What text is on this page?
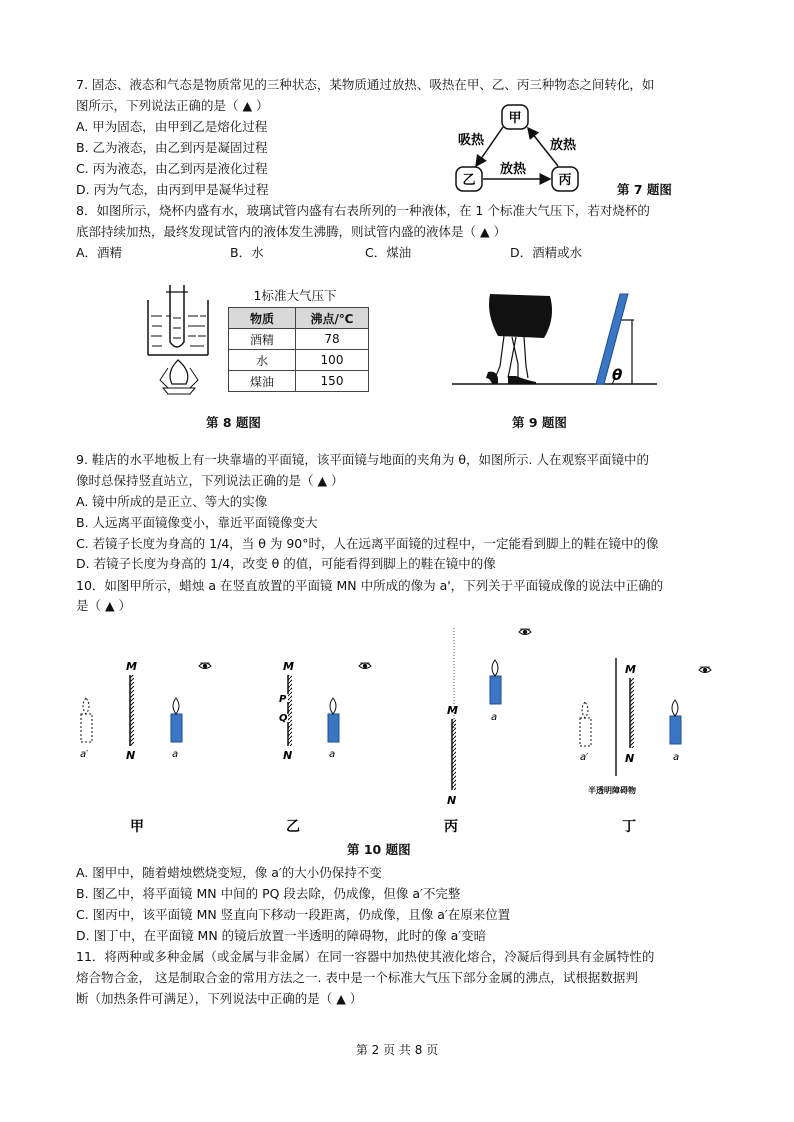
7. 固态、液态和气态是物质常见的三种状态，某物质通过放热、吸热在甲、乙、丙三种物态之间转化，如
图所示，下列说法正确的是（ ▲ ）
A. 甲为固态，由甲到乙是熔化过程
B. 乙为液态，由乙到丙是凝固过程
C. 丙为液态，由乙到丙是液化过程
D. 丙为气态，由丙到甲是凝华过程
甲
乙	丙
吸热	放热
放热
第 7 题图
8．如图所示，烧杯内盛有水，玻璃试管内盛有右表所列的一种液体，在 1 个标准大气压下，若对烧杯的
底部持续加热，最终发现试管内的液体发生沸腾，则试管内盛的液体是（ ▲ ）
A．酒精	B．水	C．煤油	D．酒精或水
1标准大气压下
物质	沸点/℃
酒精	78
水	100
煤油	150
第 8 题图
θ
第 9 题图
9. 鞋店的水平地板上有一块靠墙的平面镜，该平面镜与地面的夹角为 θ，如图所示. 人在观察平面镜中的
像时总保持竖直站立，下列说法正确的是（ ▲ ）
A. 镜中所成的是正立、等大的实像
B. 人远离平面镜像变小，靠近平面镜像变大
C. 若镜子长度为身高的 1/4，当 θ 为 90°时，人在远离平面镜的过程中，一定能看到脚上的鞋在镜中的像
D. 若镜子长度为身高的 1/4，改变 θ 的值，可能看得到脚上的鞋在镜中的像
10．如图甲所示，蜡烛 a 在竖直放置的平面镜 MN 中所成的像为 a'，下列关于平面镜成像的说法中正确的
是（ ▲ ）
M
N	a
a′
甲
M
P
Q
N	a
乙
M
N
a
丙
M
N	a
a′
半透明障碍物
丁
第 10 题图
A. 图甲中，随着蜡烛燃烧变短，像 a′的大小仍保持不变
B. 图乙中，将平面镜 MN 中间的 PQ 段去除，仍成像，但像 a′不完整
C. 图丙中，该平面镜 MN 竖直向下移动一段距离，仍成像，且像 a′在原来位置
D. 图丁中，在平面镜 MN 的镜后放置一半透明的障碍物，此时的像 a′变暗
11．将两种或多种金属（或金属与非金属）在同一容器中加热使其液化熔合，冷凝后得到具有金属特性的
熔合物合金， 这是制取合金的常用方法之一. 表中是一个标准大气压下部分金属的沸点，试根据数据判
断（加热条件可满足），下列说法中正确的是（ ▲ ）
第 2 页 共 8 页
